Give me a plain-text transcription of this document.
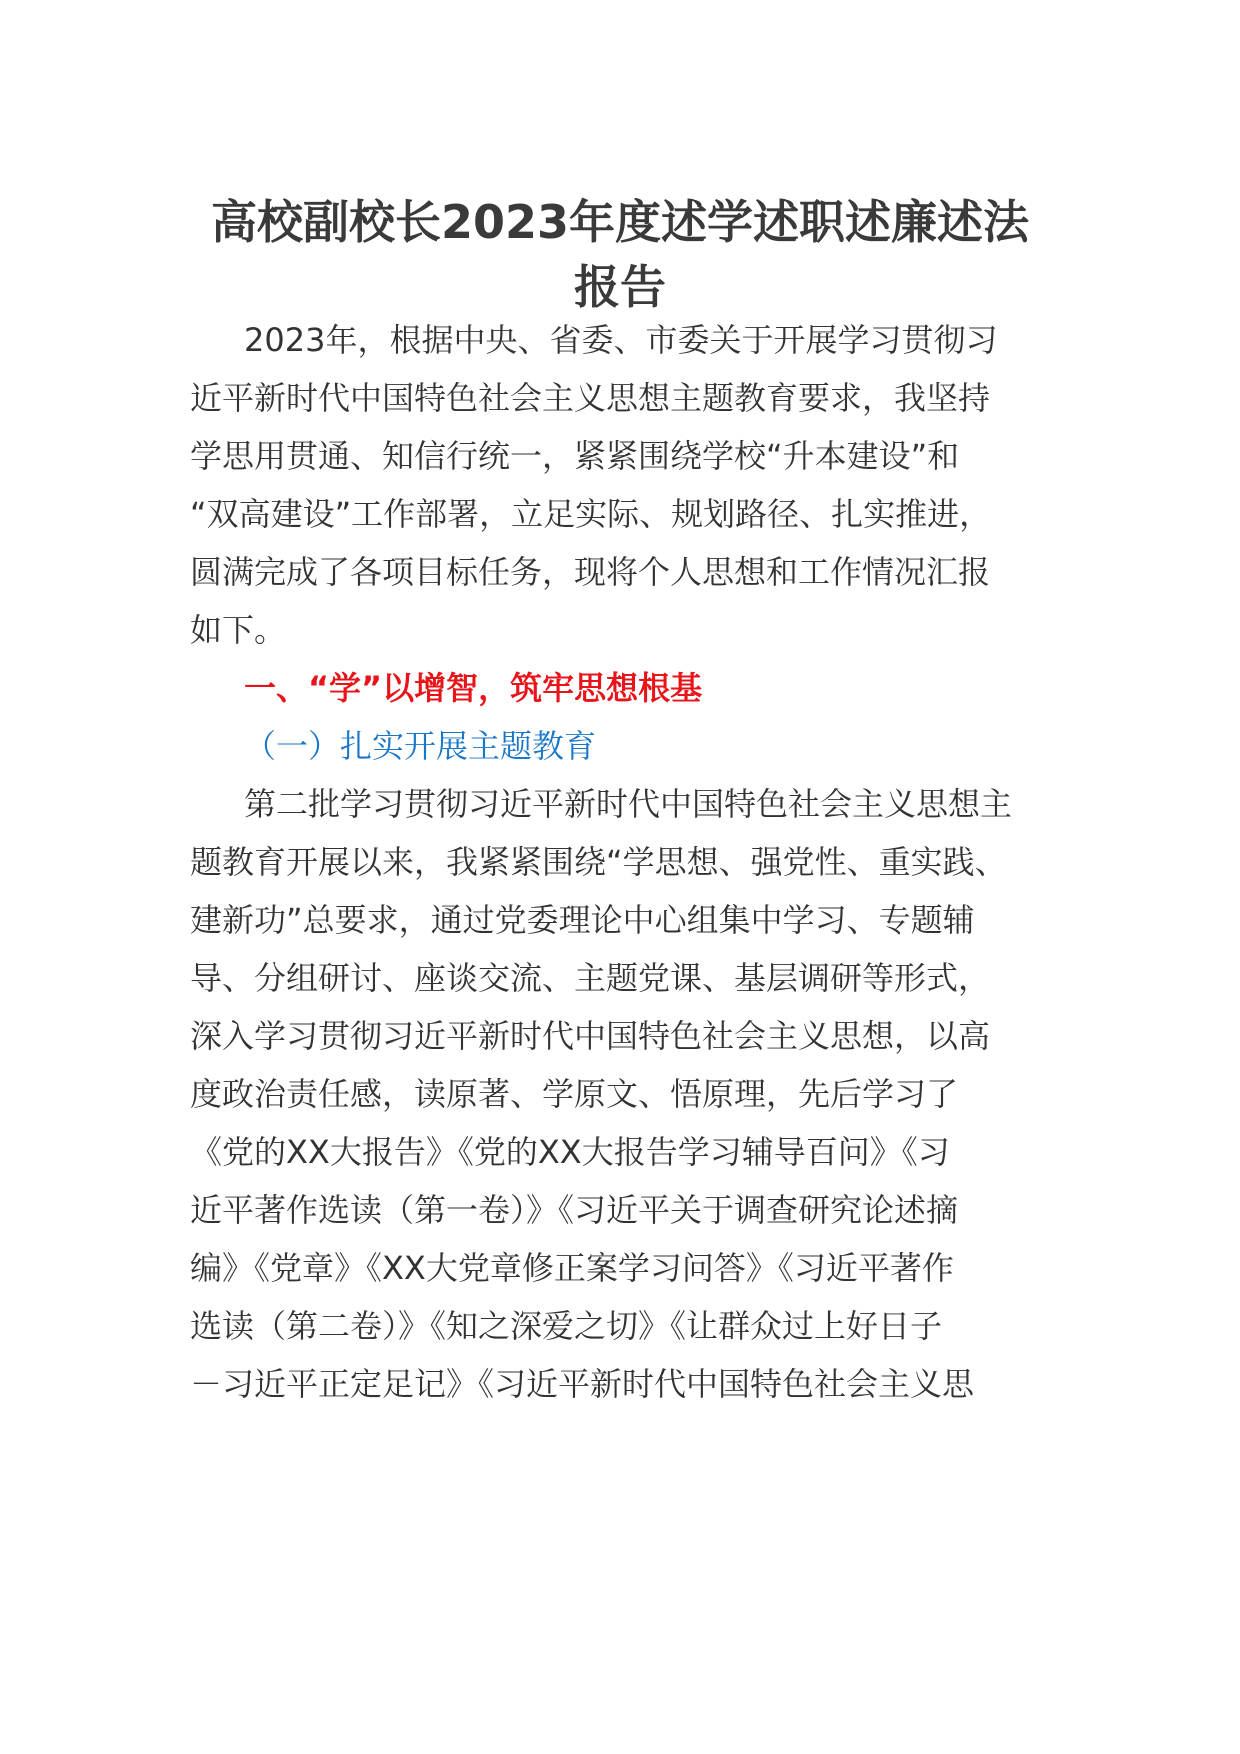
高校副校长2023年度述学述职述廉述法
报告
2023年，根据中央、省委、市委关于开展学习贯彻习
近平新时代中国特色社会主义思想主题教育要求，我坚持
学思用贯通、知信行统一，紧紧围绕学校“升本建设”和
“双高建设”工作部署，立足实际、规划路径、扎实推进，
圆满完成了各项目标任务，现将个人思想和工作情况汇报
如下。
一、“学”以增智，筑牢思想根基
（一）扎实开展主题教育
第二批学习贯彻习近平新时代中国特色社会主义思想主
题教育开展以来，我紧紧围绕“学思想、强党性、重实践、
建新功”总要求，通过党委理论中心组集中学习、专题辅
导、分组研讨、座谈交流、主题党课、基层调研等形式，
深入学习贯彻习近平新时代中国特色社会主义思想，以高
度政治责任感，读原著、学原文、悟原理，先后学习了
《党的XX大报告》《党的XX大报告学习辅导百问》《习
近平著作选读（第一卷）》《习近平关于调查研究论述摘
编》《党章》《XX大党章修正案学习问答》《习近平著作
选读（第二卷）》《知之深爱之切》《让群众过上好日子
－习近平正定足记》《习近平新时代中国特色社会主义思
